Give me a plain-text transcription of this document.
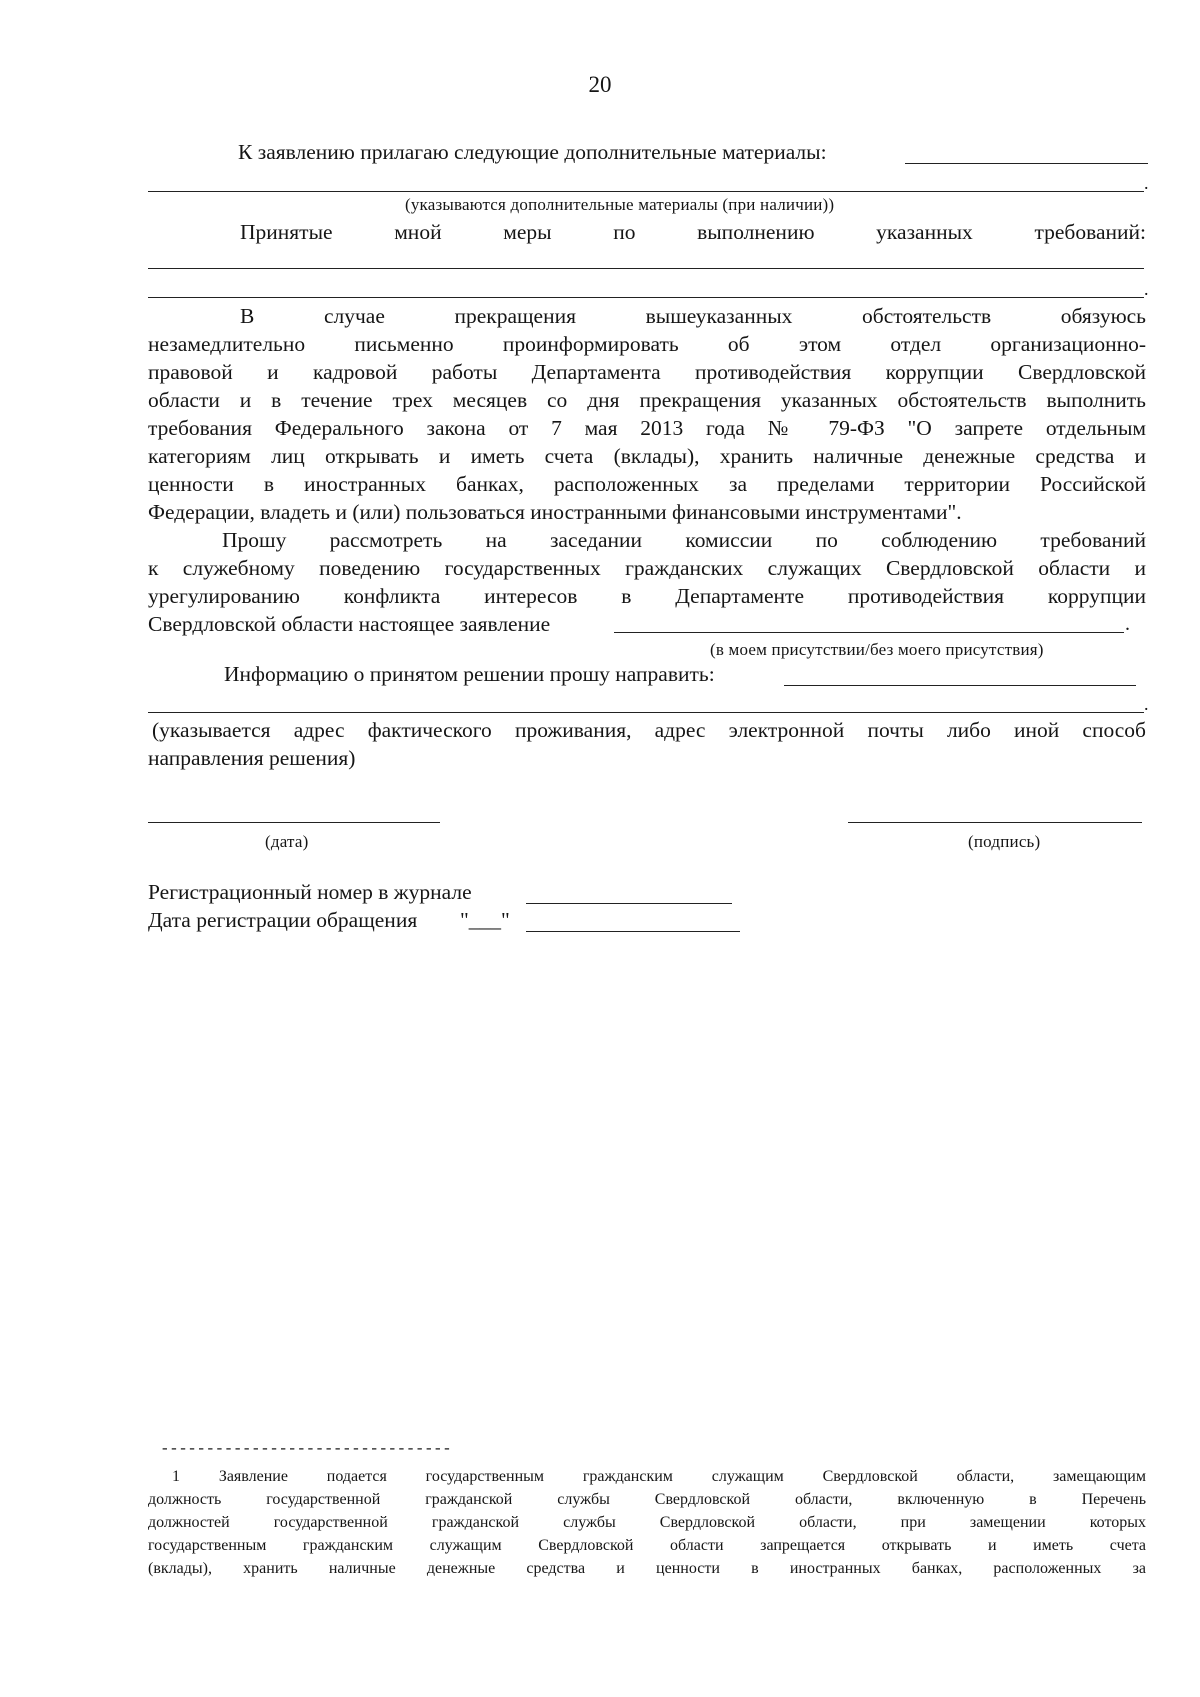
20
К заявлению прилагаю следующие дополнительные материалы:
.
(указываются дополнительные материалы (при наличии))
Принятые мной меры по выполнению указанных требований:
.
В случае прекращения вышеуказанных обстоятельств обязуюсь
незамедлительно письменно проинформировать об этом отдел организационно-
правовой и кадровой работы Департамента противодействия коррупции Свердловской
области и в течение трех месяцев со дня прекращения указанных обстоятельств выполнить
требования Федерального закона от 7 мая 2013 года № 79-ФЗ "О запрете отдельным
категориям лиц открывать и иметь счета (вклады), хранить наличные денежные средства и
ценности в иностранных банках, расположенных за пределами территории Российской
Федерации, владеть и (или) пользоваться иностранными финансовыми инструментами".
Прошу рассмотреть на заседании комиссии по соблюдению требований
к служебному поведению государственных гражданских служащих Свердловской области и
урегулированию конфликта интересов в Департаменте противодействия коррупции
Свердловской области настоящее заявление	.
(в моем присутствии/без моего присутствия)
Информацию о принятом решении прошу направить:
.
(указывается адрес фактического проживания, адрес электронной почты либо иной способ
направления решения)
(дата)	(подпись)
Регистрационный номер в журнале
Дата регистрации обращения "___"
--------------------------------
1 Заявление подается государственным гражданским служащим Свердловской области, замещающим
должность государственной гражданской службы Свердловской области, включенную в Перечень
должностей государственной гражданской службы Свердловской области, при замещении которых
государственным гражданским служащим Свердловской области запрещается открывать и иметь счета
(вклады), хранить наличные денежные средства и ценности в иностранных банках, расположенных за
